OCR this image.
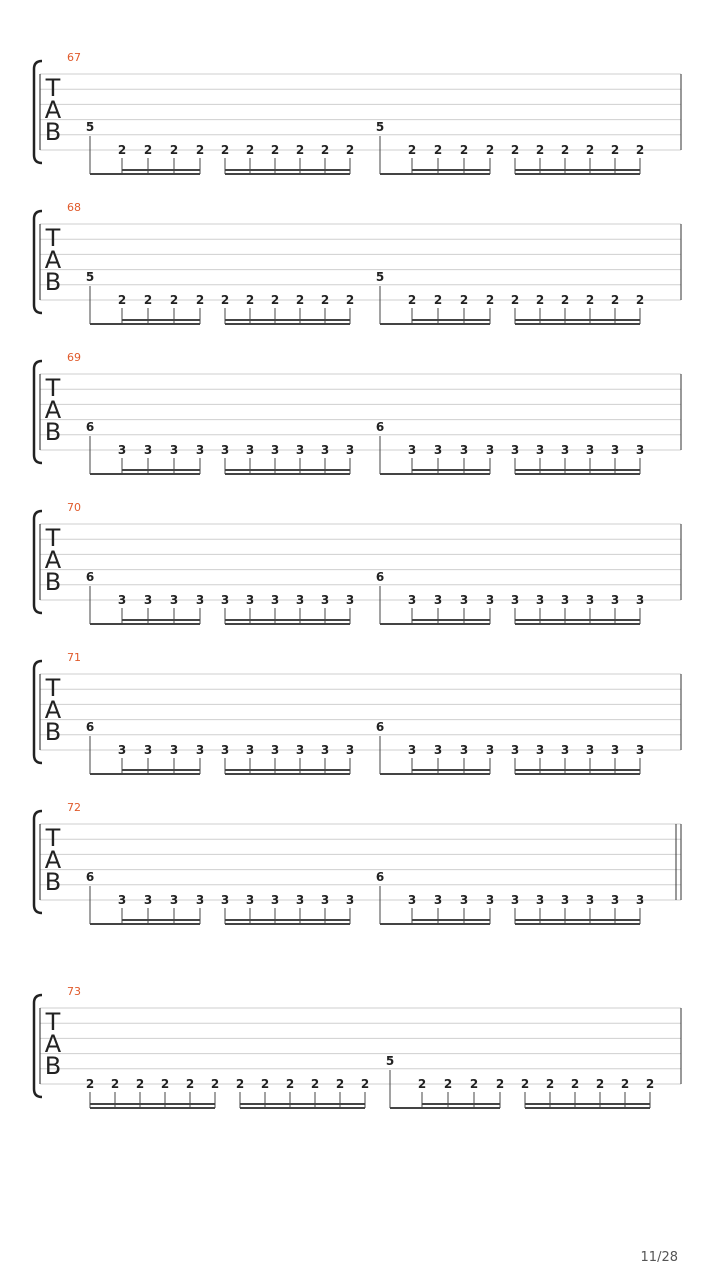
T
A
B
67
5
2 2 2 2 2 2 2 2 2 2
5
2 2 2 2 2 2 2 2 2 2
T
A
B
68
5
2 2 2 2 2 2 2 2 2 2
5
2 2 2 2 2 2 2 2 2 2
T
A
B
69
6
3 3 3 3 3 3 3 3 3 3
6
3 3 3 3 3 3 3 3 3 3
T
A
B
70
6
3 3 3 3 3 3 3 3 3 3
6
3 3 3 3 3 3 3 3 3 3
T
A
B
71
6
3 3 3 3 3 3 3 3 3 3
6
3 3 3 3 3 3 3 3 3 3
T
A
B
72
6
3 3 3 3 3 3 3 3 3 3
6
3 3 3 3 3 3 3 3 3 3
T
A
B
73
2 2 2 2 2 2 2 2 2 2 2 2
5
2 2 2 2 2 2 2 2 2 2
11/28
